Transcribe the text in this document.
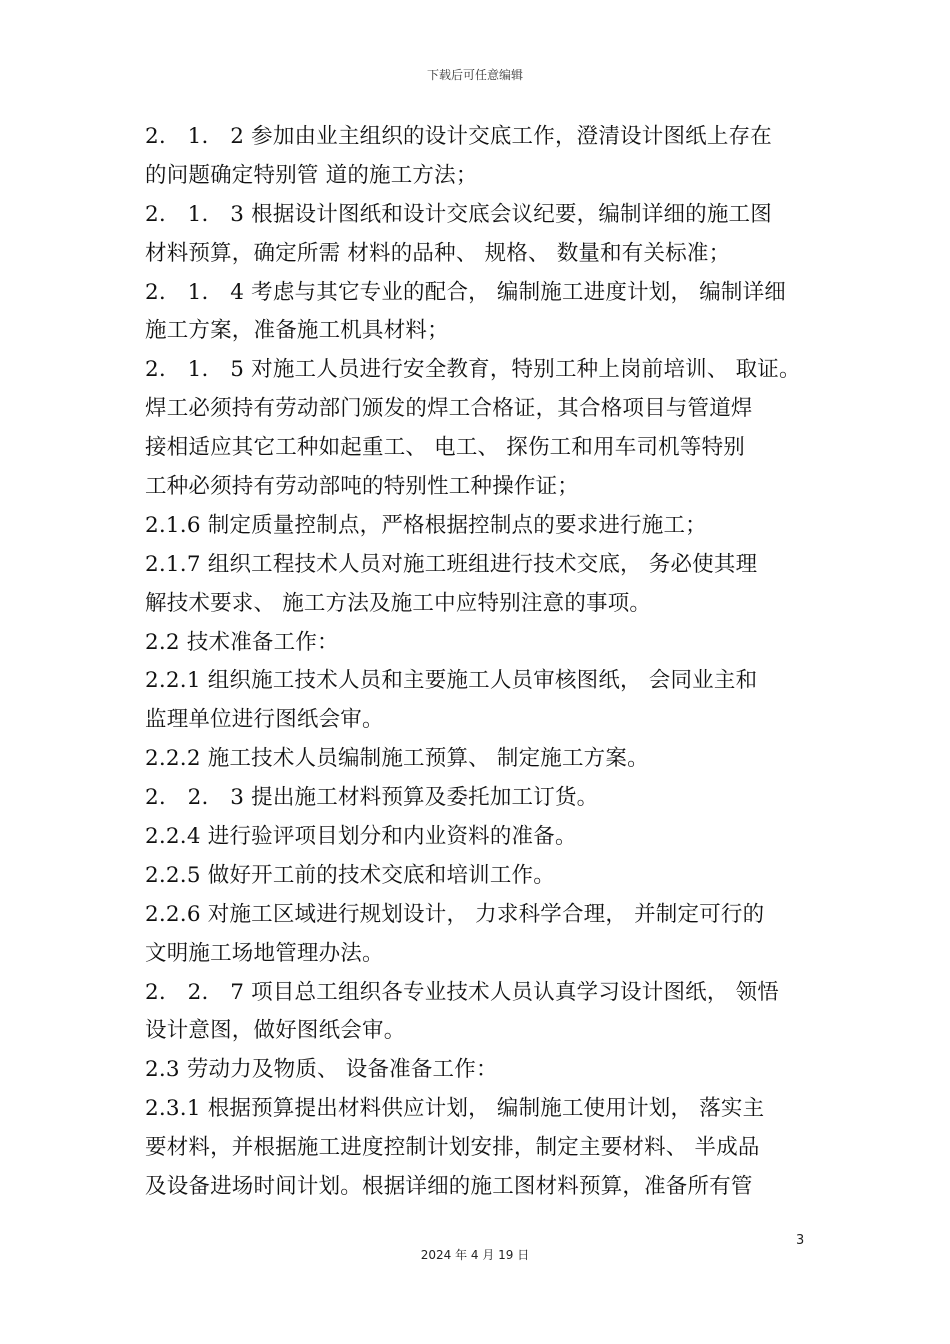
下载后可任意编辑
2.　1.　2 参加由业主组织的设计交底工作，澄清设计图纸上存在
的问题确定特别管 道的施工方法；
2.　1.　3 根据设计图纸和设计交底会议纪要，编制详细的施工图
材料预算，确定所需 材料的品种、 规格、 数量和有关标准；
2.　1.　4 考虑与其它专业的配合， 编制施工进度计划， 编制详细
施工方案，准备施工机具材料；
2.　1.　5 对施工人员进行安全教育，特别工种上岗前培训、 取证。
焊工必须持有劳动部门颁发的焊工合格证，其合格项目与管道焊
接相适应其它工种如起重工、 电工、 探伤工和用车司机等特别
工种必须持有劳动部吨的特别性工种操作证；
2.1.6 制定质量控制点，严格根据控制点的要求进行施工；
2.1.7 组织工程技术人员对施工班组进行技术交底， 务必使其理
解技术要求、 施工方法及施工中应特别注意的事项。
2.2 技术准备工作：
2.2.1 组织施工技术人员和主要施工人员审核图纸， 会同业主和
监理单位进行图纸会审。
2.2.2 施工技术人员编制施工预算、 制定施工方案。
2.　2.　3 提出施工材料预算及委托加工订货。
2.2.4 进行验评项目划分和内业资料的准备。
2.2.5 做好开工前的技术交底和培训工作。
2.2.6 对施工区域进行规划设计， 力求科学合理， 并制定可行的
文明施工场地管理办法。
2.　2.　7 项目总工组织各专业技术人员认真学习设计图纸， 领悟
设计意图，做好图纸会审。
2.3 劳动力及物质、 设备准备工作：
2.3.1 根据预算提出材料供应计划， 编制施工使用计划， 落实主
要材料，并根据施工进度控制计划安排，制定主要材料、 半成品
及设备进场时间计划。根据详细的施工图材料预算，准备所有管
3
2024 年 4 月 19 日
